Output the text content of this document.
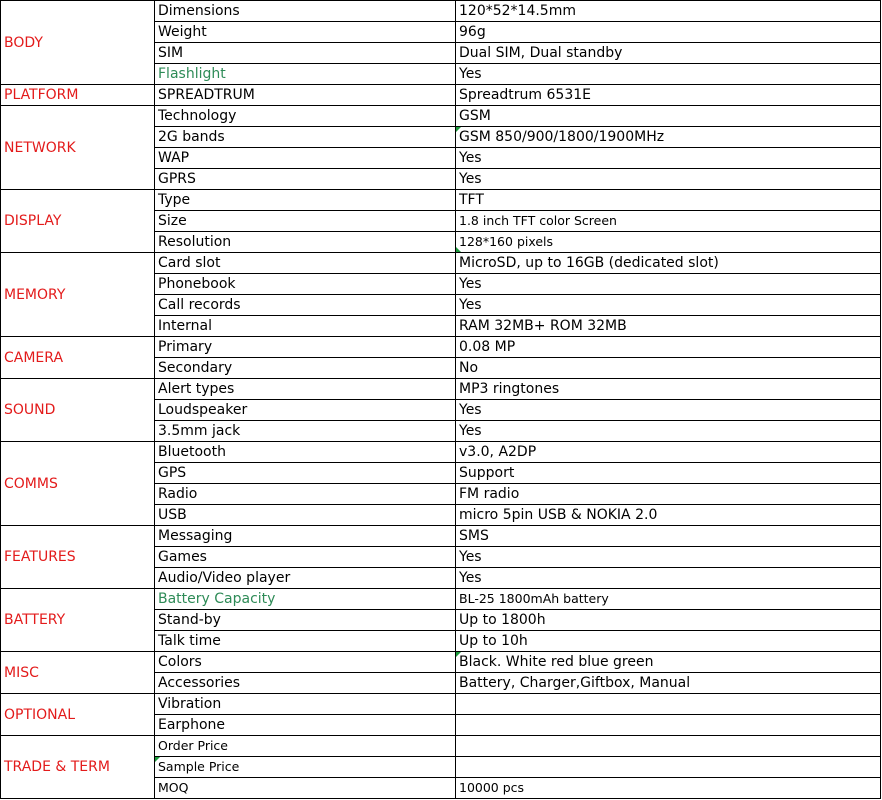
BODY	Dimensions	120*52*14.5mm
	Weight	96g
	SIM	Dual SIM, Dual standby
	Flashlight	Yes
PLATFORM	SPREADTRUM	Spreadtrum 6531E
NETWORK	Technology	GSM
	2G bands	GSM 850/900/1800/1900MHz
	WAP	Yes
	GPRS	Yes
DISPLAY	Type	TFT
	Size	1.8 inch TFT color Screen
	Resolution	128*160 pixels
MEMORY	Card slot	MicroSD, up to 16GB (dedicated slot)
	Phonebook	Yes
	Call records	Yes
	Internal	RAM 32MB+ ROM 32MB
CAMERA	Primary	0.08 MP
	Secondary	No
SOUND	Alert types	MP3 ringtones
	Loudspeaker	Yes
	3.5mm jack	Yes
COMMS	Bluetooth	v3.0, A2DP
	GPS	Support
	Radio	FM radio
	USB	micro 5pin USB & NOKIA 2.0
FEATURES	Messaging	SMS
	Games	Yes
	Audio/Video player	Yes
BATTERY	Battery Capacity	BL-25 1800mAh battery
	Stand-by	Up to 1800h
	Talk time	Up to 10h
MISC	Colors	Black. White red blue green
	Accessories	Battery, Charger,Giftbox, Manual
OPTIONAL	Vibration	
	Earphone	
TRADE & TERM	Order Price	
	Sample Price	
	MOQ	10000 pcs
